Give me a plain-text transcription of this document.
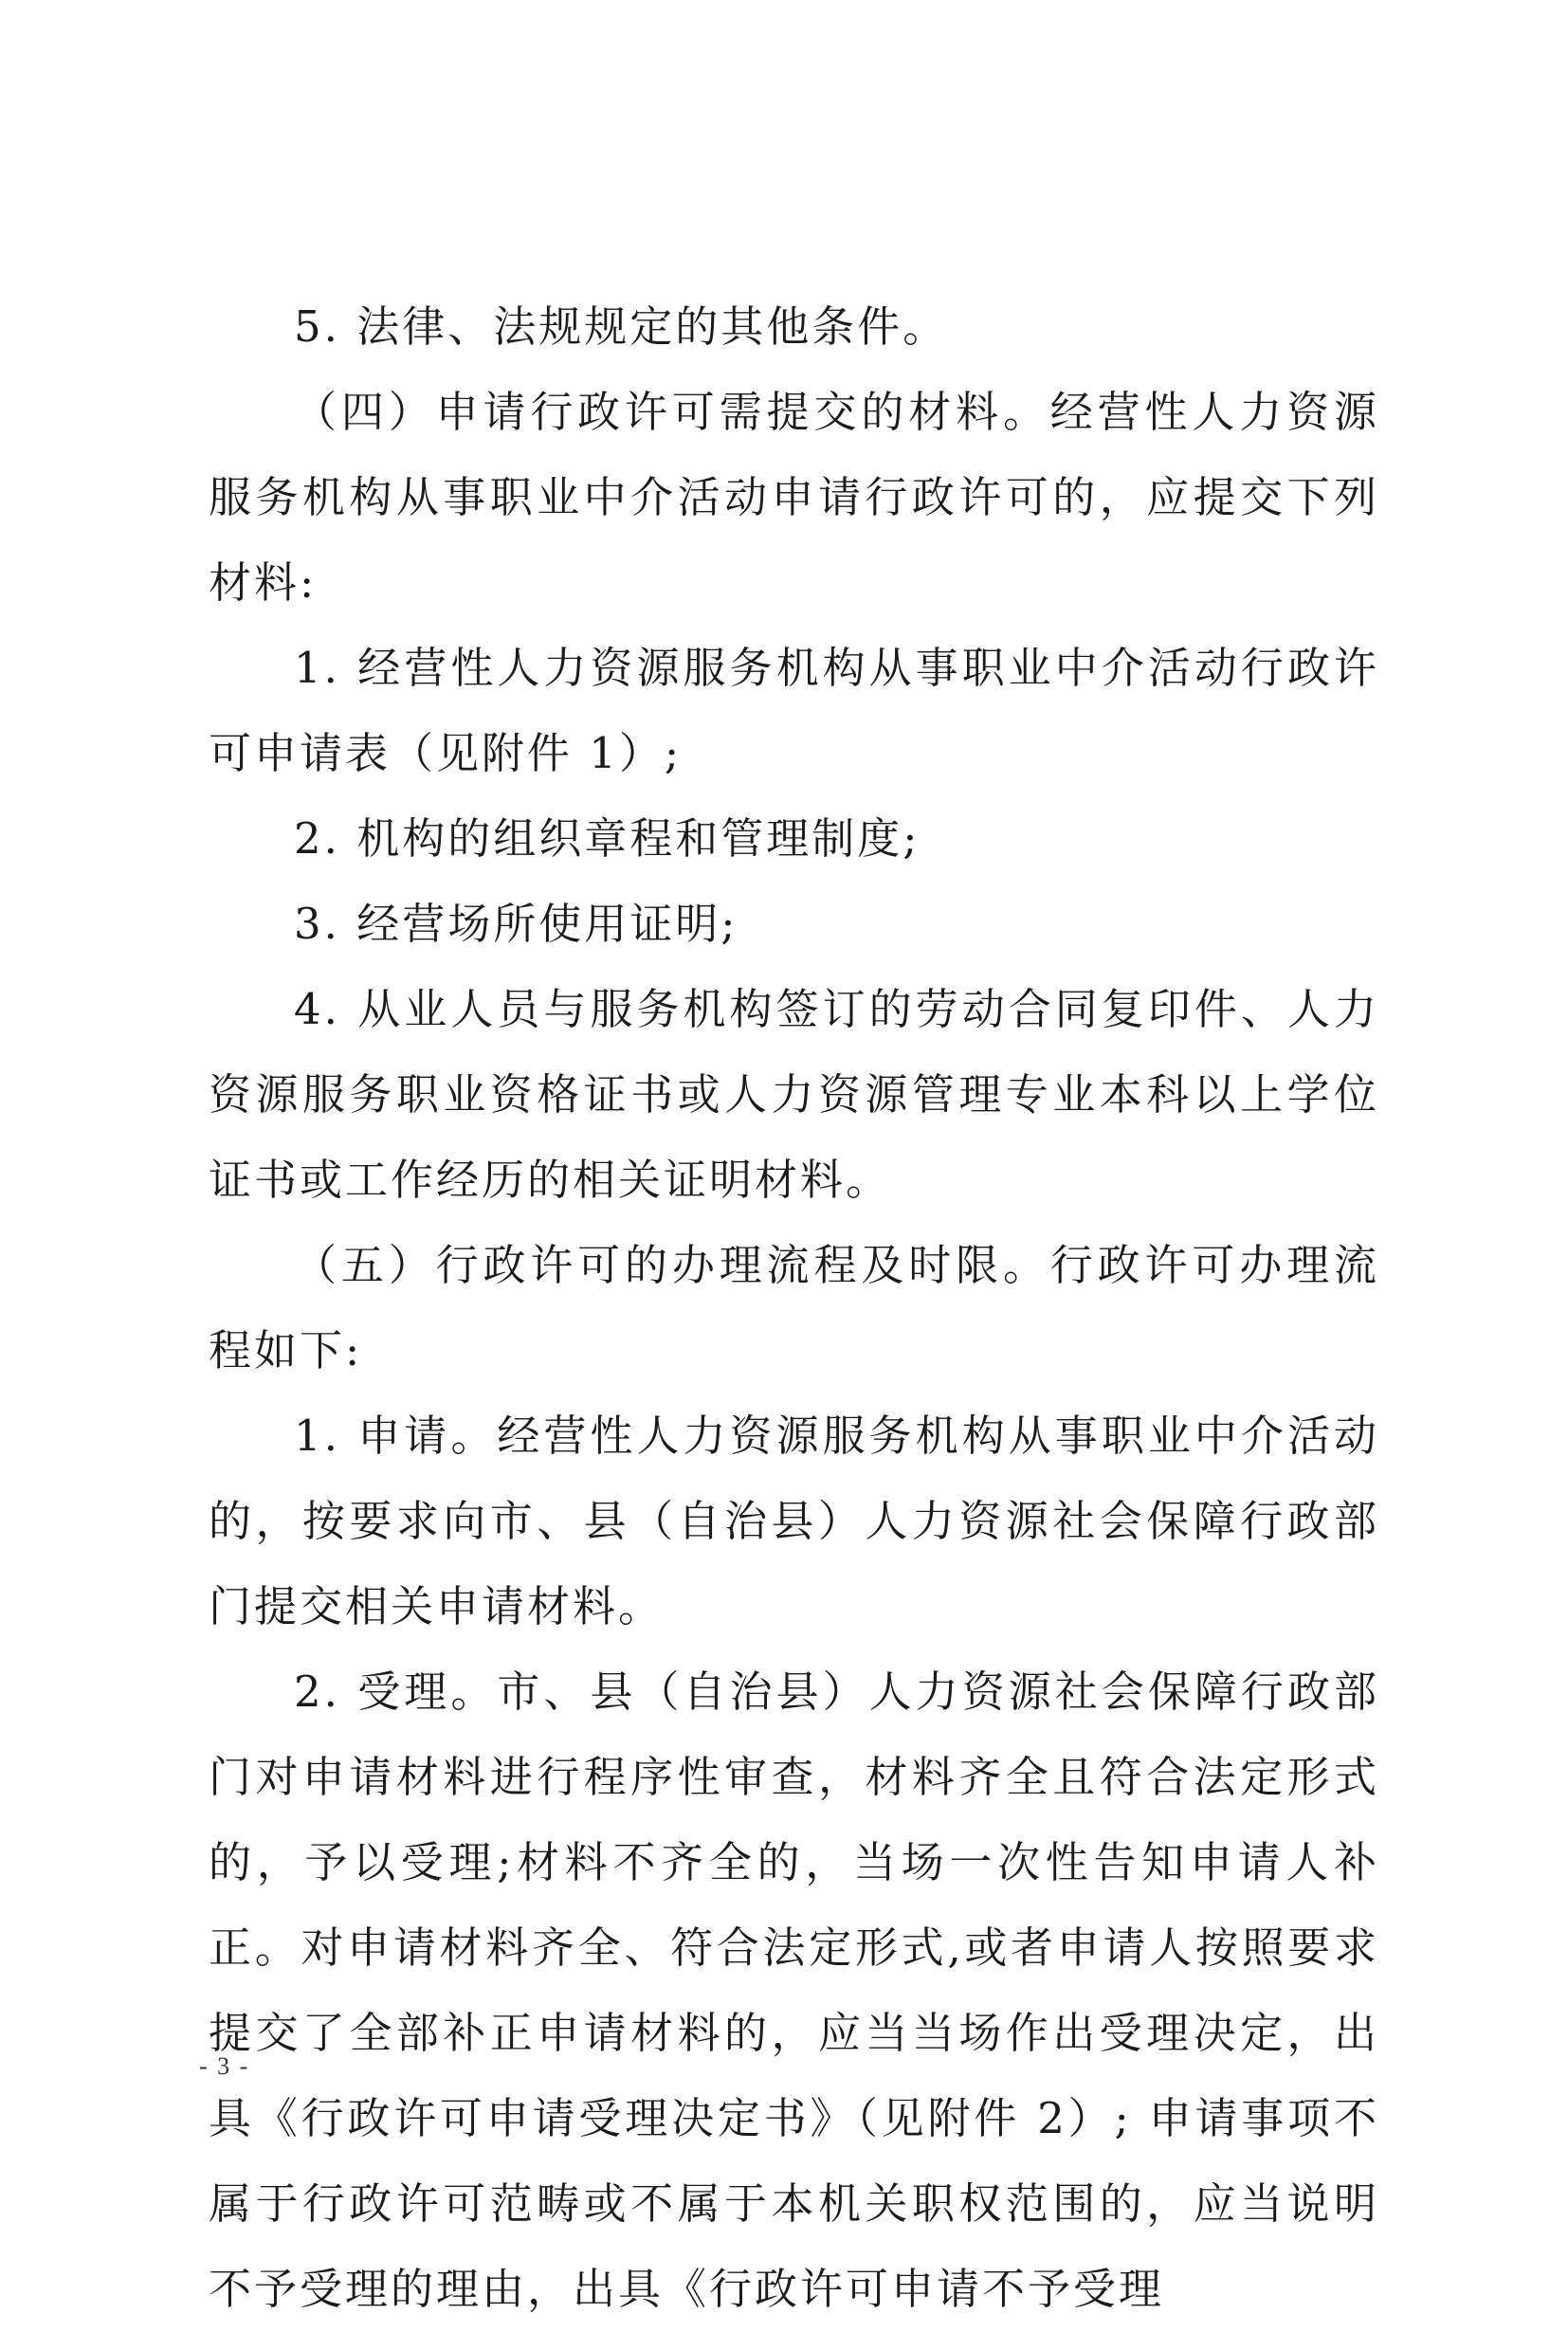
5. 法律、法规规定的其他条件。

（四）申请行政许可需提交的材料。经营性人力资源服务机构从事职业中介活动申请行政许可的，应提交下列材料:

1. 经营性人力资源服务机构从事职业中介活动行政许可申请表（见附件 1）;

2. 机构的组织章程和管理制度;

3. 经营场所使用证明;

4. 从业人员与服务机构签订的劳动合同复印件、人力资源服务职业资格证书或人力资源管理专业本科以上学位证书或工作经历的相关证明材料。

（五）行政许可的办理流程及时限。行政许可办理流程如下:

1. 申请。经营性人力资源服务机构从事职业中介活动的，按要求向市、县（自治县）人力资源社会保障行政部门提交相关申请材料。

2. 受理。市、县（自治县）人力资源社会保障行政部门对申请材料进行程序性审查，材料齐全且符合法定形式的，予以受理;材料不齐全的，当场一次性告知申请人补正。对申请材料齐全、符合法定形式,或者申请人按照要求提交了全部补正申请材料的，应当当场作出受理决定，出具《行政许可申请受理决定书》（见附件 2）; 申请事项不属于行政许可范畴或不属于本机关职权范围的，应当说明不予受理的理由，出具《行政许可申请不予受理

- 3 -
